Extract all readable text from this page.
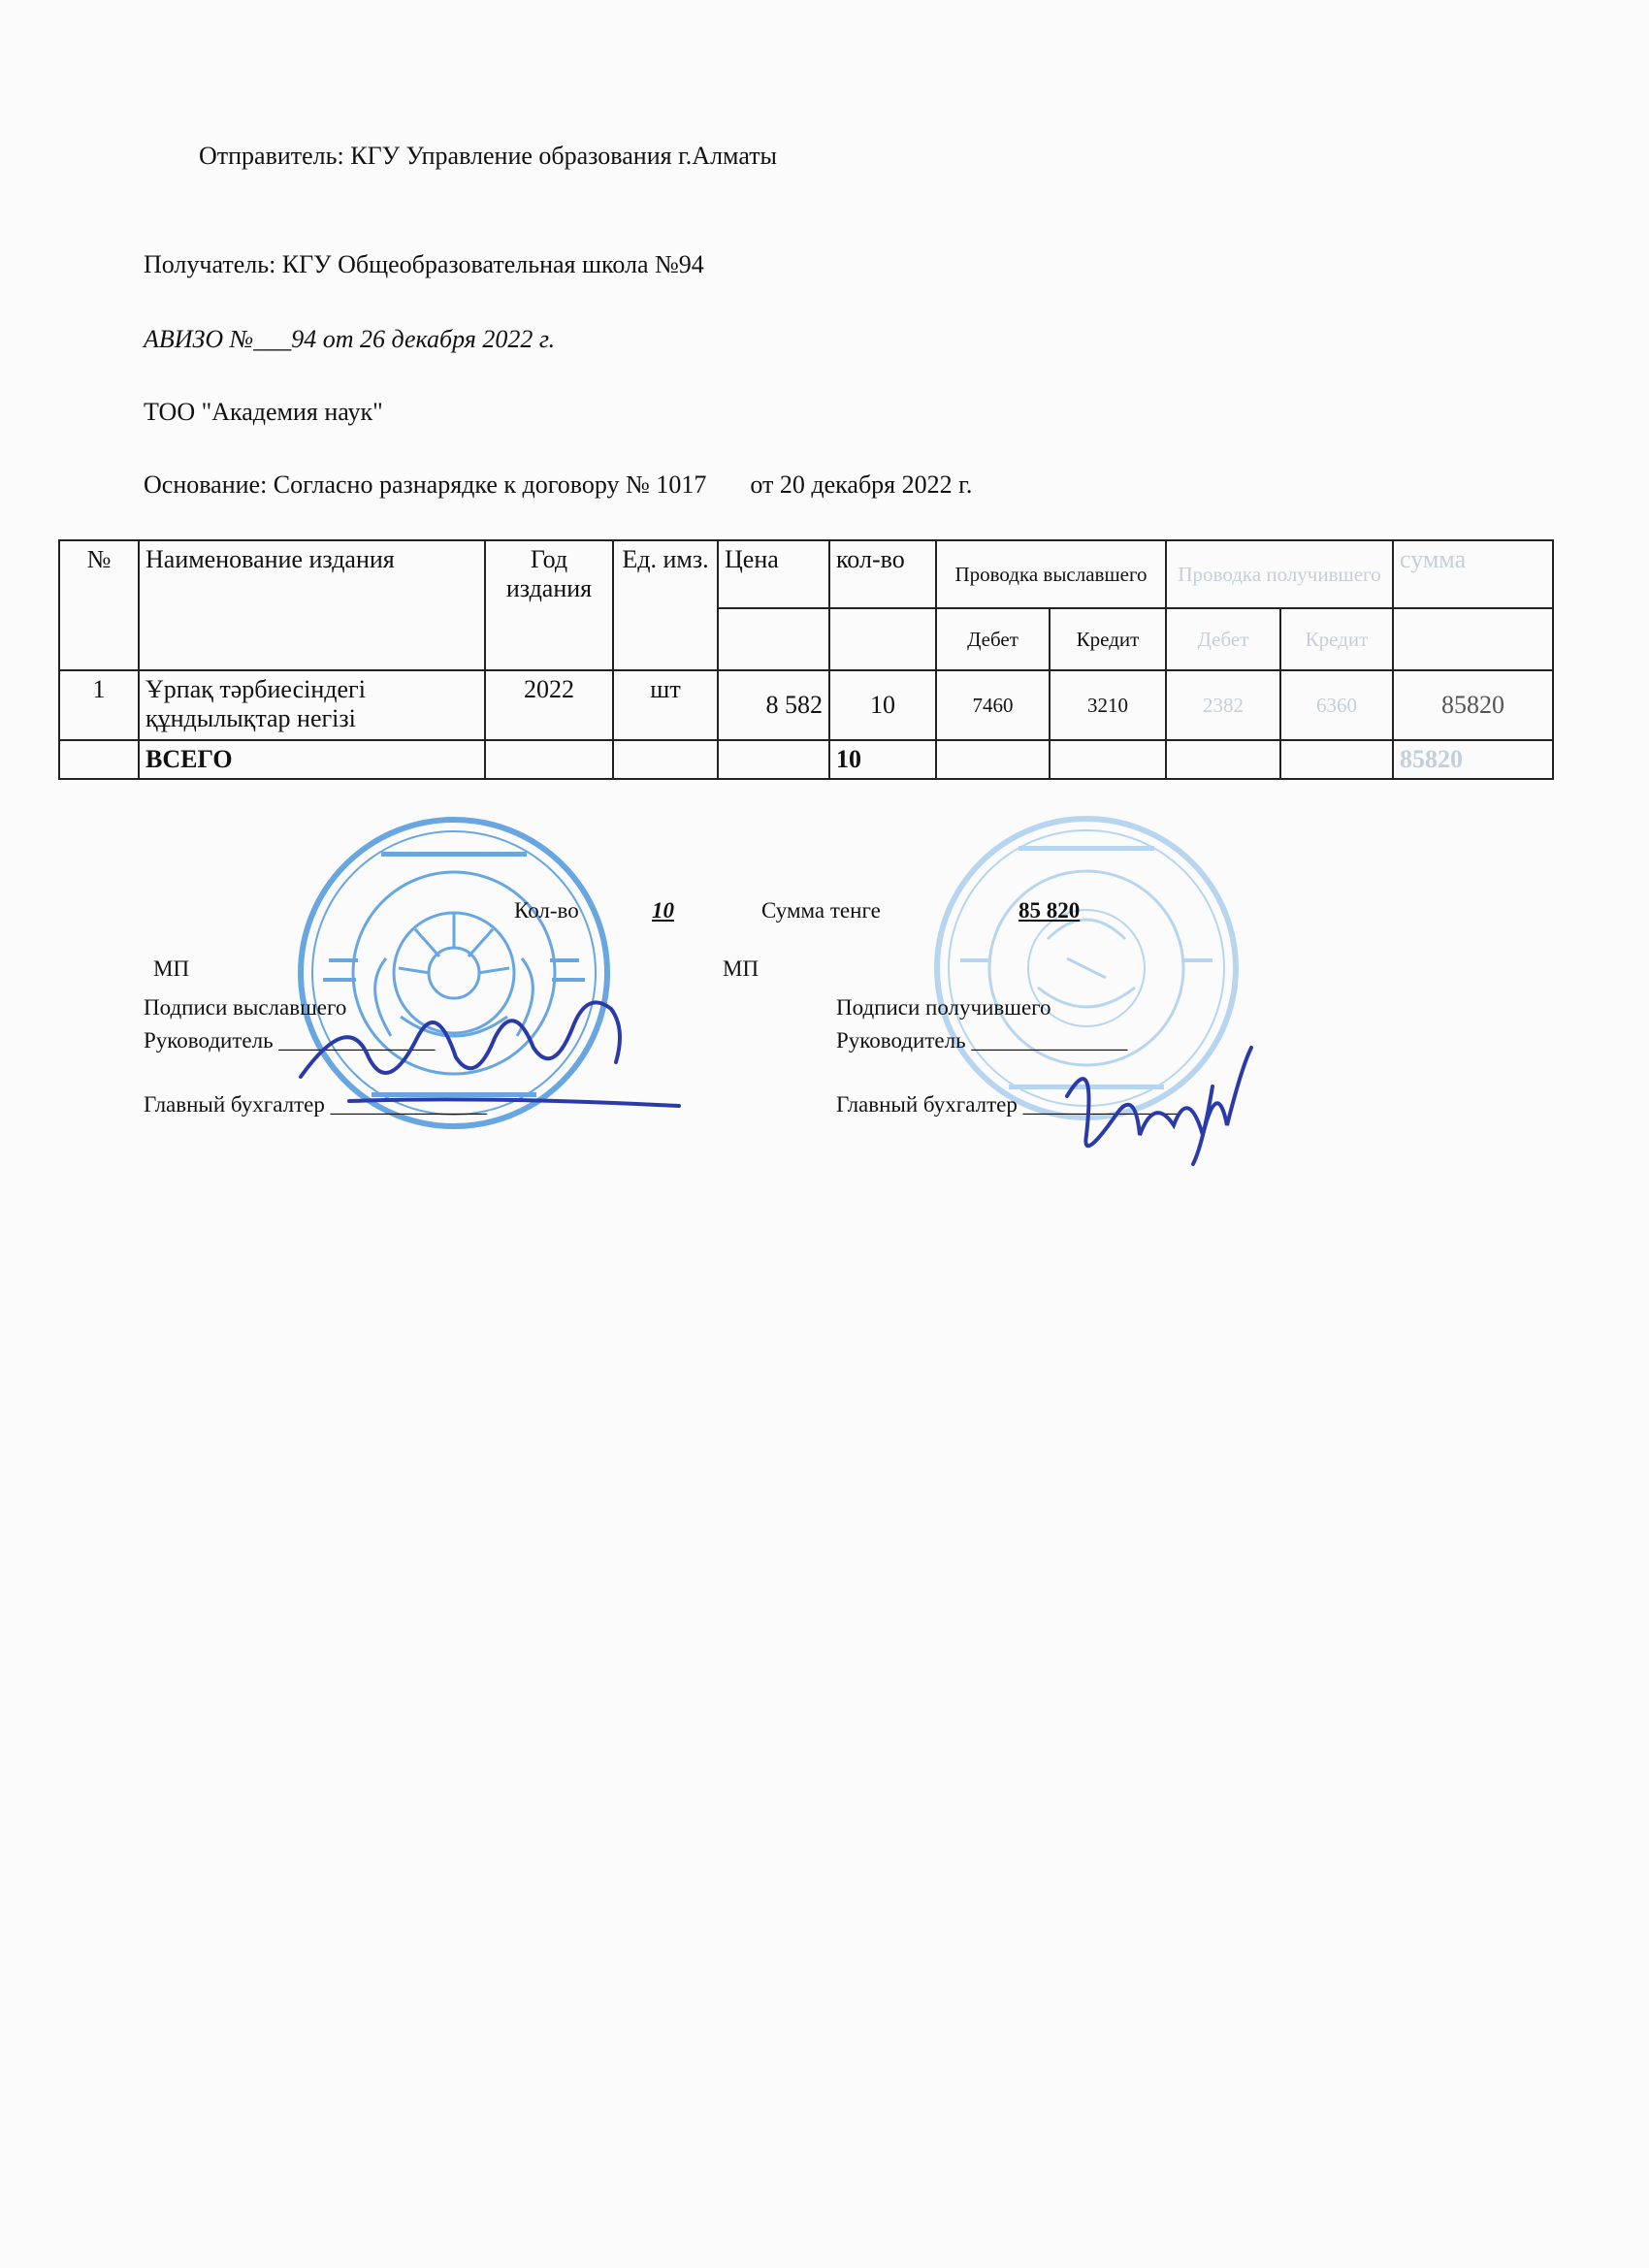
Отправитель: КГУ Управление образования г.Алматы
Получатель: КГУ Общеобразовательная школа №94
АВИЗО №___94 от 26 декабря 2022 г.
ТОО "Академия наук"
Основание: Согласно разнарядке к договору № 1017 от 20 декабря 2022 г.
№	Наименование издания	Год издания	Ед. имз.	Цена	кол-во	Проводка выславшего		Проводка получившего		сумма
						Дебет	Кредит	Дебет	Кредит	
1	Ұрпақ тәрбиесіндегі құндылықтар негізі	2022	шт	8 582	10	7460	3210	2382	6360	85820
	ВСЕГО				10					85820
Кол-во	10	Сумма тенге	85 820
МП	МП
Подписи выславшего	Подписи получившего
Руководитель ______________	Руководитель ______________
Главный бухгалтер ______________	Главный бухгалтер ______________
